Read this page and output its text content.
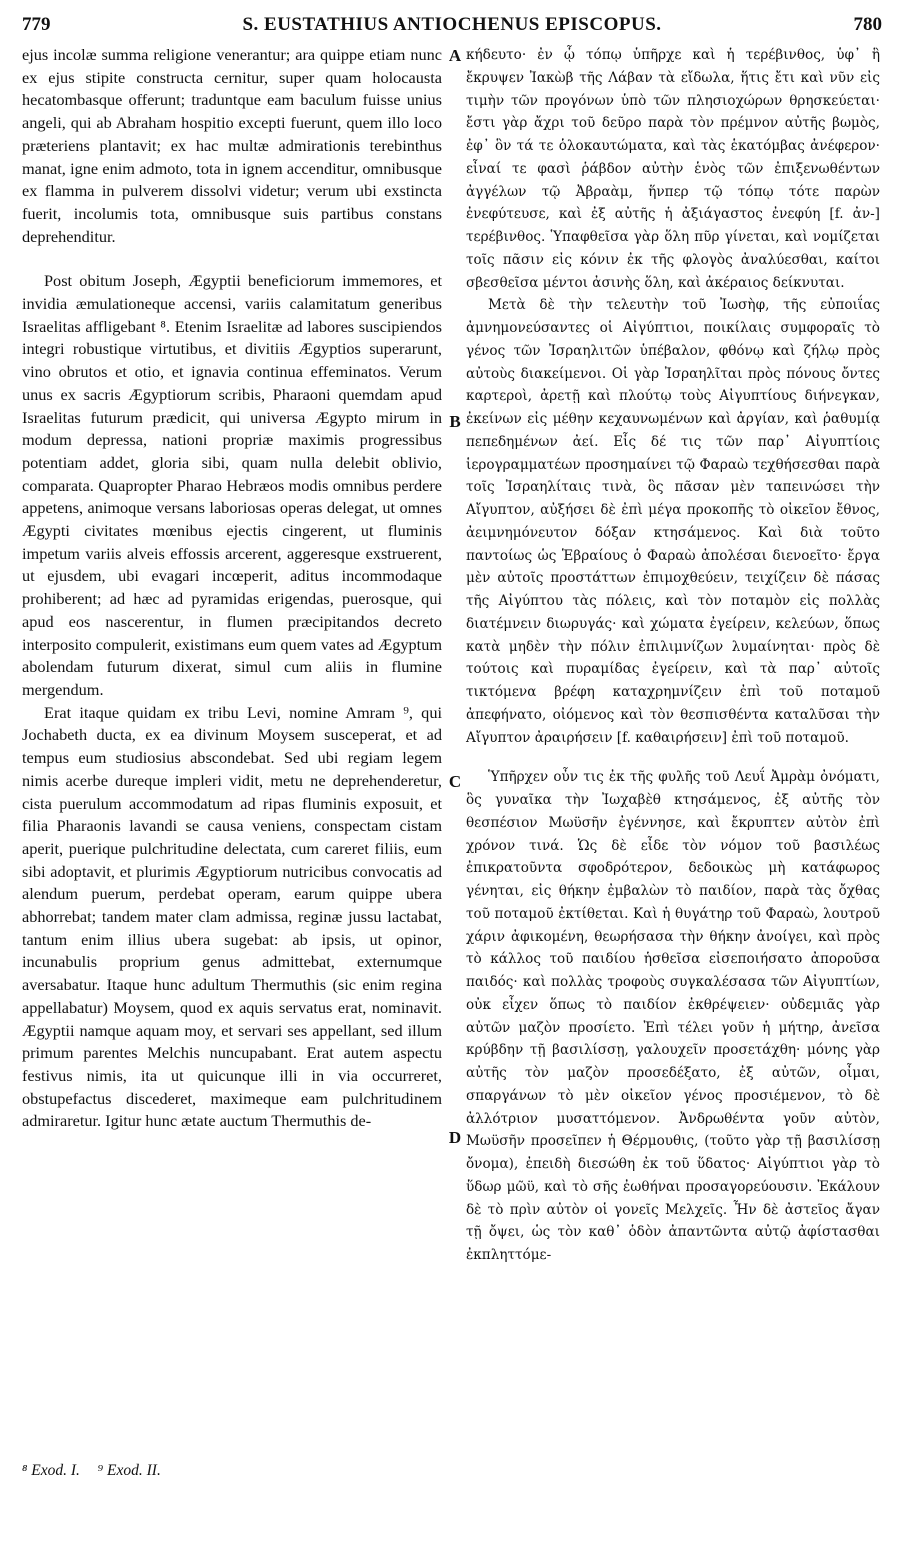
779	S. EUSTATHIUS ANTIOCHENUS EPISCOPUS.	780

ejus incolæ summa religione venerantur; ara quippe etiam nunc ex ejus stipite constructa cernitur, super quam holocausta hecatombasque offerunt; traduntque eam baculum fuisse unius angeli, qui ab Abraham hospitio excepti fuerunt, quem illo loco præteriens plantavit; ex hac multæ admirationis terebinthus manat, igne enim admoto, tota in ignem accenditur, omnibusque ex flamma in pulverem dissolvi videtur; verum ubi exstincta fuerit, incolumis tota, omnibusque suis partibus constans deprehenditur.

Post obitum Joseph, Ægyptii beneficiorum immemores, et invidia æmulationeque accensi, variis calamitatum generibus Israelitas affligebant ⁸. Etenim Israelitæ ad labores suscipiendos integri robustique virtutibus, et divitiis Ægyptios superarunt, vino obrutos et otio, et ignavia continua effeminatos. Verum unus ex sacris Ægyptiorum scribis, Pharaoni quemdam apud Israelitas futurum prædicit, qui universa Ægypto mirum in modum depressa, nationi propriæ maximis progressibus potentiam addet, gloria sibi, quam nulla delebit oblivio, comparata. Quapropter Pharao Hebræos modis omnibus perdere appetens, animoque versans laboriosas operas delegat, ut omnes Ægypti civitates mœnibus ejectis cingerent, ut fluminis impetum variis alveis effossis arcerent, aggeresque exstruerent, ut ejusdem, ubi evagari incœperit, aditus incommodaque prohiberent; ad hæc ad pyramidas erigendas, puerosque, qui apud eos nascerentur, in flumen præcipitandos decreto interposito compulerit, existimans eum quem vates ad Ægyptum abolendam futurum dixerat, simul cum aliis in flumine mergendum.

Erat itaque quidam ex tribu Levi, nomine Amram ⁹, qui Jochabeth ducta, ex ea divinum Moysem susceperat, et ad tempus eum studiosius abscondebat. Sed ubi regiam legem nimis acerbe dureque impleri vidit, metu ne deprehenderetur, cista puerulum accommodatum ad ripas fluminis exposuit, et filia Pharaonis lavandi se causa veniens, conspectam cistam aperit, puerique pulchritudine delectata, cum careret filiis, eum sibi adoptavit, et plurimis Ægyptiorum nutricibus convocatis ad alendum puerum, perdebat operam, earum quippe ubera abhorrebat; tandem mater clam admissa, reginæ jussu lactabat, tantum enim illius ubera sugebat: ab ipsis, ut opinor, incunabulis proprium genus admittebat, externumque aversabatur. Itaque hunc adultum Thermuthis (sic enim regina appellabatur) Moysem, quod ex aquis servatus erat, nominavit. Ægyptii namque aquam moy, et servari ses appellant, sed illum primum parentes Melchis nuncupabant. Erat autem aspectu festivus nimis, ita ut quicunque illi in via occurreret, obstupefactus discederet, maximeque eam pulchritudinem admiraretur. Igitur hunc ætate auctum Thermuthis de-

A
B
C
D

κήδευτο· ἐν ᾧ τόπῳ ὑπῆρχε καὶ ἡ τερέβινθος, ὑφ᾽ ἣ ἔκρυψεν Ἰακὼβ τῆς Λάβαν τὰ εἴδωλα, ἥτις ἔτι καὶ νῦν εἰς τιμὴν τῶν προγόνων ὑπὸ τῶν πλησιοχώρων θρησκεύεται· ἔστι γὰρ ἄχρι τοῦ δεῦρο παρὰ τὸν πρέμνον αὐτῆς βωμὸς, ἐφ᾽ ὃν τά τε ὁλοκαυτώματα, καὶ τὰς ἑκατόμβας ἀνέφερον· εἶναί τε φασὶ ῥάβδον αὐτὴν ἑνὸς τῶν ἐπιξενωθέντων ἀγγέλων τῷ Ἀβραὰμ, ἥνπερ τῷ τόπῳ τότε παρὼν ἐνεφύτευσε, καὶ ἐξ αὐτῆς ἡ ἀξιάγαστος ἐνεφύη [f. ἀν-] τερέβινθος. Ὑπαφθεῖσα γὰρ ὅλη πῦρ γίνεται, καὶ νομίζεται τοῖς πᾶσιν εἰς κόνιν ἐκ τῆς φλογὸς ἀναλύεσθαι, καίτοι σβεσθεῖσα μέντοι ἀσινὴς ὅλη, καὶ ἀκέραιος δείκνυται.

Μετὰ δὲ τὴν τελευτὴν τοῦ Ἰωσὴφ, τῆς εὐποιΐας ἀμνημονεύσαντες οἱ Αἰγύπτιοι, ποικίλαις συμφοραῖς τὸ γένος τῶν Ἰσραηλιτῶν ὑπέβαλον, φθόνῳ καὶ ζήλῳ πρὸς αὐτοὺς διακείμενοι. Οἱ γὰρ Ἰσραηλῖται πρὸς πόνους ὄντες καρτεροὶ, ἀρετῇ καὶ πλούτῳ τοὺς Αἰγυπτίους διήνεγκαν, ἐκείνων εἰς μέθην κεχαυνωμένων καὶ ἀργίαν, καὶ ῥαθυμίᾳ πεπεδημένων ἀεί. Εἷς δέ τις τῶν παρ᾽ Αἰγυπτίοις ἱερογραμματέων προσημαίνει τῷ Φαραὼ τεχθήσεσθαι παρὰ τοῖς Ἰσραηλίταις τινὰ, ὃς πᾶσαν μὲν ταπεινώσει τὴν Αἴγυπτον, αὐξήσει δὲ ἐπὶ μέγα προκοπῆς τὸ οἰκεῖον ἔθνος, ἀειμνημόνευτον δόξαν κτησάμενος. Καὶ διὰ τοῦτο παντοίως ὡς Ἑβραίους ὁ Φαραὼ ἀπολέσαι διενοεῖτο· ἔργα μὲν αὐτοῖς προστάττων ἐπιμοχθεύειν, τειχίζειν δὲ πάσας τῆς Αἰγύπτου τὰς πόλεις, καὶ τὸν ποταμὸν εἰς πολλὰς διατέμνειν διωρυγάς· καὶ χώματα ἐγείρειν, κελεύων, ὅπως κατὰ μηδὲν τὴν πόλιν ἐπιλιμνίζων λυμαίνηται· πρὸς δὲ τούτοις καὶ πυραμίδας ἐγείρειν, καὶ τὰ παρ᾽ αὐτοῖς τικτόμενα βρέφη καταχρημνίζειν ἐπὶ τοῦ ποταμοῦ ἀπεφήνατο, οἰόμενος καὶ τὸν θεσπισθέντα καταλῦσαι τὴν Αἴγυπτον ἀραιρήσειν [f. καθαιρήσειν] ἐπὶ τοῦ ποταμοῦ.

Ὑπῆρχεν οὖν τις ἐκ τῆς φυλῆς τοῦ Λευΐ Ἀμρὰμ ὀνόματι, ὃς γυναῖκα τὴν Ἰωχαβὲθ κτησάμενος, ἐξ αὐτῆς τὸν θεσπέσιον Μωϋσῆν ἐγέννησε, καὶ ἔκρυπτεν αὐτὸν ἐπὶ χρόνον τινά. Ὡς δὲ εἶδε τὸν νόμον τοῦ βασιλέως ἐπικρατοῦντα σφοδρότερον, δεδοικὼς μὴ κατάφωρος γένηται, εἰς θήκην ἐμβαλὼν τὸ παιδίον, παρὰ τὰς ὄχθας τοῦ ποταμοῦ ἐκτίθεται. Καὶ ἡ θυγάτηρ τοῦ Φαραὼ, λουτροῦ χάριν ἀφικομένη, θεωρήσασα τὴν θήκην ἀνοίγει, καὶ πρὸς τὸ κάλλος τοῦ παιδίου ἡσθεῖσα εἰσεποιήσατο ἀποροῦσα παιδός· καὶ πολλὰς τροφοὺς συγκαλέσασα τῶν Αἰγυπτίων, οὐκ εἶχεν ὅπως τὸ παιδίον ἐκθρέψειεν· οὐδεμιᾶς γὰρ αὐτῶν μαζὸν προσίετο. Ἐπὶ τέλει γοῦν ἡ μήτηρ, ἀνεῖσα κρύβδην τῇ βασιλίσσῃ, γαλουχεῖν προσετάχθη· μόνης γὰρ αὐτῆς τὸν μαζὸν προσεδέξατο, ἐξ αὐτῶν, οἶμαι, σπαργάνων τὸ μὲν οἰκεῖον γένος προσιέμενον, τὸ δὲ ἀλλότριον μυσαττόμενον. Ἀνδρωθέντα γοῦν αὐτὸν, Μωϋσῆν προσεῖπεν ἡ Θέρμουθις, (τοῦτο γὰρ τῇ βασιλίσσῃ ὄνομα), ἐπειδὴ διεσώθη ἐκ τοῦ ὕδατος· Αἰγύπτιοι γὰρ τὸ ὕδωρ μῶϋ, καὶ τὸ σῆς ἐωθήναι προσαγορεύουσιν. Ἐκάλουν δὲ τὸ πρὶν αὐτὸν οἱ γονεῖς Μελχεῖς. Ἦν δὲ ἀστεῖος ἄγαν τῇ ὄψει, ὡς τὸν καθ᾽ ὁδὸν ἀπαντῶντα αὐτῷ ἀφίστασθαι ἐκπληττόμε-

⁸ Exod. I. ⁹ Exod. II.
